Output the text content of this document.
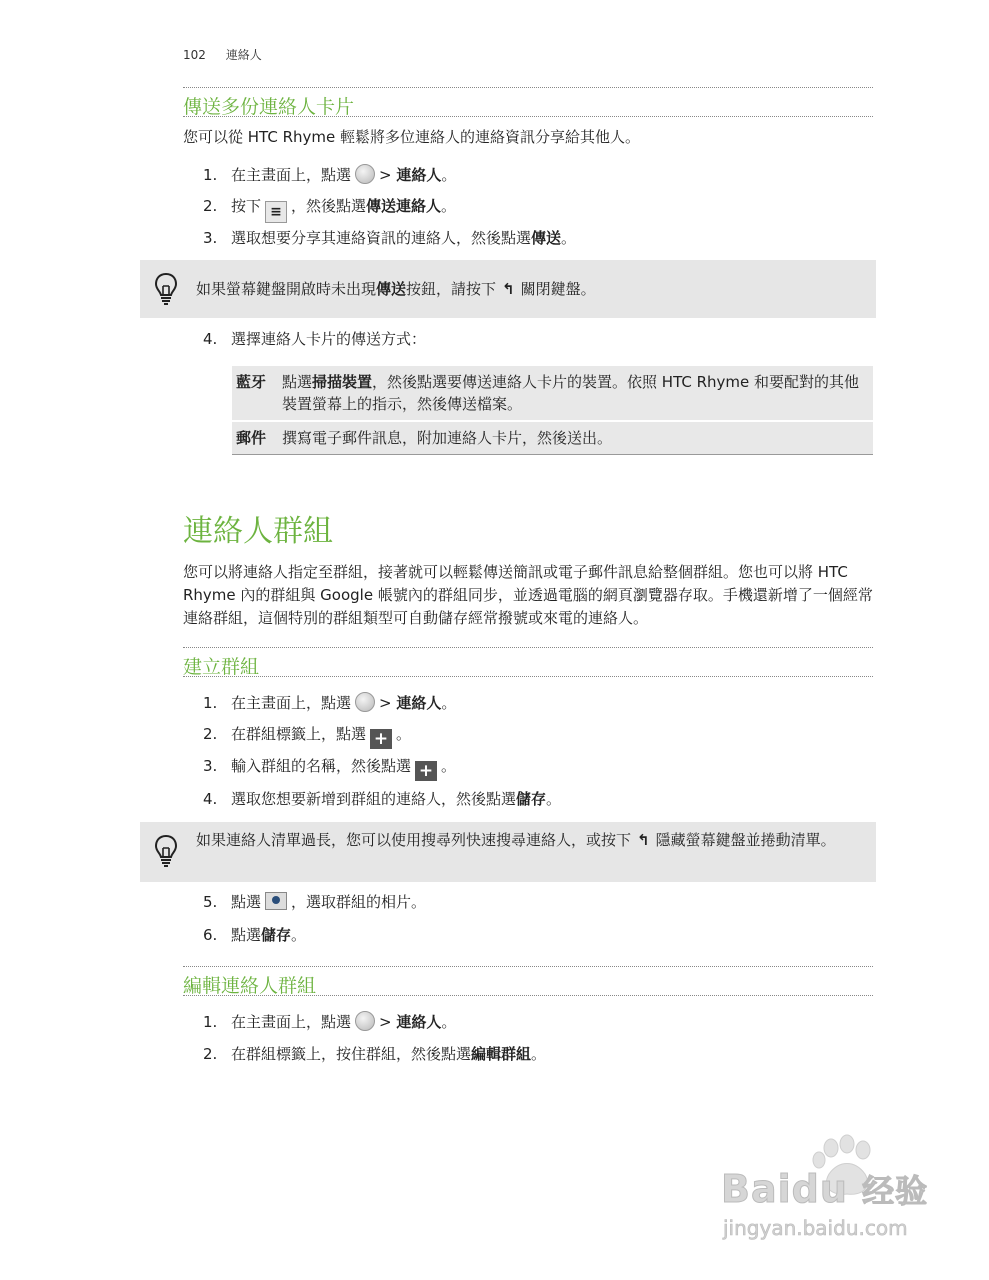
102 連絡人
傳送多份連絡人卡片
您可以從 HTC Rhyme 輕鬆將多位連絡人的連絡資訊分享給其他人。
1. 在主畫面上，點選 > 連絡人。
2. 按下 ≡ ，然後點選傳送連絡人。
3. 選取想要分享其連絡資訊的連絡人，然後點選傳送。
如果螢幕鍵盤開啟時未出現傳送按鈕，請按下 ↰ 關閉鍵盤。
4. 選擇連絡人卡片的傳送方式：
藍牙	點選掃描裝置，然後點選要傳送連絡人卡片的裝置。依照 HTC Rhyme 和要配對的其他裝置螢幕上的指示，然後傳送檔案。
郵件	撰寫電子郵件訊息，附加連絡人卡片，然後送出。
連絡人群組
您可以將連絡人指定至群組，接著就可以輕鬆傳送簡訊或電子郵件訊息給整個群組。您也可以將 HTC Rhyme 內的群組與 Google 帳號內的群組同步，並透過電腦的網頁瀏覽器存取。手機還新增了一個經常連絡群組，這個特別的群組類型可自動儲存經常撥號或來電的連絡人。
建立群組
1. 在主畫面上，點選 > 連絡人。
2. 在群組標籤上，點選 + 。
3. 輸入群組的名稱，然後點選 + 。
4. 選取您想要新增到群組的連絡人，然後點選儲存。
如果連絡人清單過長，您可以使用搜尋列快速搜尋連絡人，或按下 ↰ 隱藏螢幕鍵盤並捲動清單。
5. 點選 ，選取群組的相片。
6. 點選儲存。
編輯連絡人群組
1. 在主畫面上，點選 > 連絡人。
2. 在群組標籤上，按住群組，然後點選編輯群組。
Baidu 经验
jingyan.baidu.com
